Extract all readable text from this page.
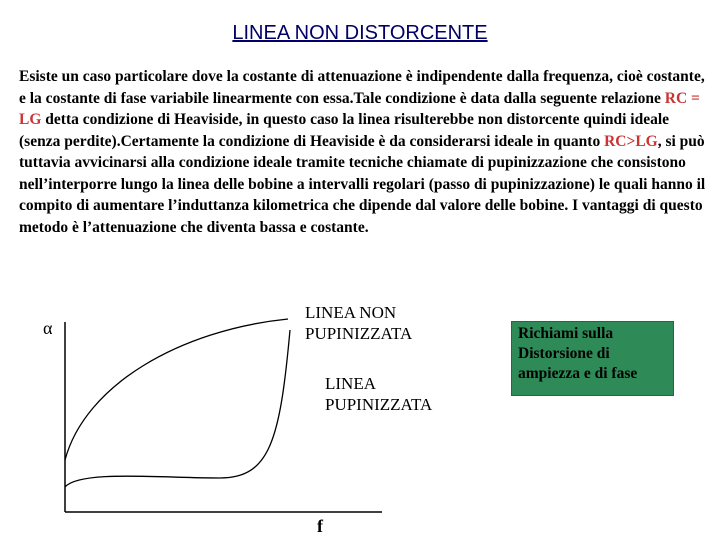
LINEA NON DISTORCENTE
Esiste un caso particolare dove la costante di attenuazione è indipendente dalla frequenza, cioè costante, e la costante di fase variabile linearmente con essa.Tale condizione è data dalla seguente relazione RC = LG detta condizione di Heaviside, in questo caso la linea risulterebbe non distorcente quindi ideale (senza perdite).Certamente la condizione di Heaviside è da considerarsi ideale in quanto RC>LG, si può tuttavia avvicinarsi alla condizione ideale tramite tecniche chiamate di pupinizzazione che consistono nell’interporre lungo la linea delle bobine a intervalli regolari (passo di pupinizzazione) le quali hanno il compito di aumentare l’induttanza kilometrica che dipende dal valore delle bobine. I vantaggi di questo metodo è l’attenuazione che diventa bassa e costante.
α
f
LINEA NON
PUPINIZZATA
LINEA
PUPINIZZATA
Richiami sulla
Distorsione di
ampiezza e di fase
